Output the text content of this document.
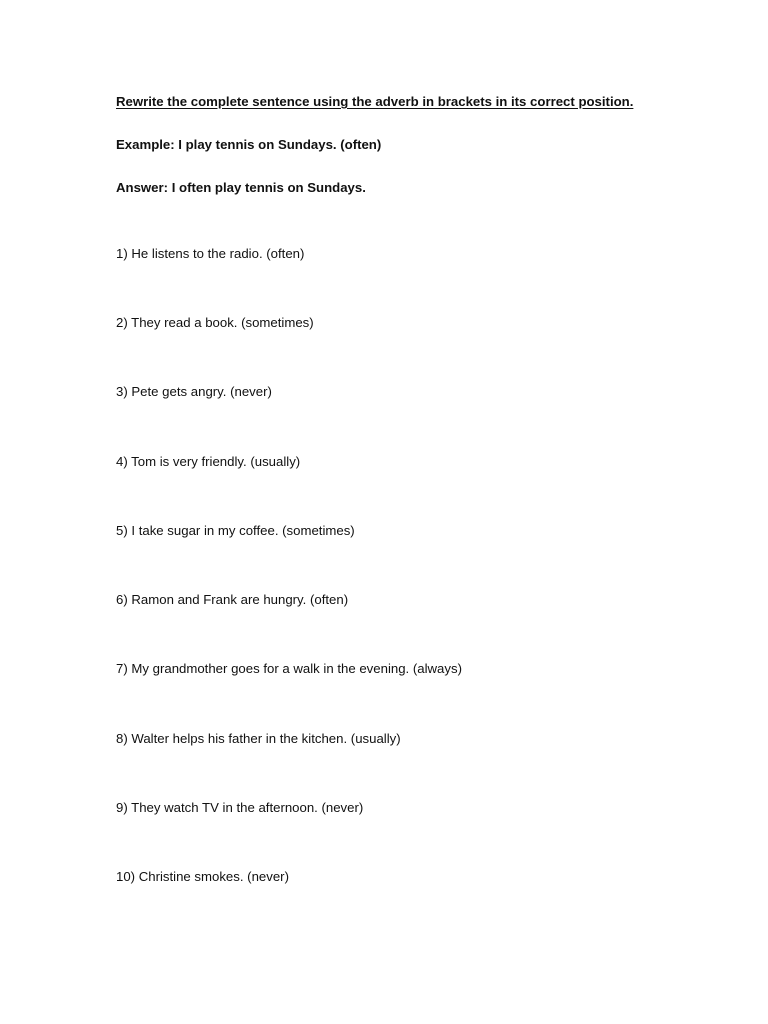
Rewrite the complete sentence using the adverb in brackets in its correct position.
Example: I play tennis on Sundays. (often)
Answer: I often play tennis on Sundays.
1) He listens to the radio. (often)
2) They read a book. (sometimes)
3) Pete gets angry. (never)
4) Tom is very friendly. (usually)
5) I take sugar in my coffee. (sometimes)
6) Ramon and Frank are hungry. (often)
7) My grandmother goes for a walk in the evening. (always)
8) Walter helps his father in the kitchen. (usually)
9) They watch TV in the afternoon. (never)
10) Christine smokes. (never)
